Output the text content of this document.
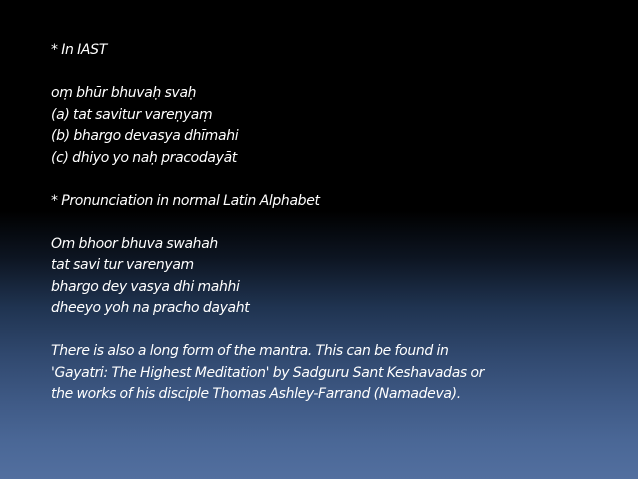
* In IAST
oṃ bhūr bhuvaḥ svaḥ
(a) tat savitur vareṇyaṃ
(b) bhargo devasya dhīmahi
(c) dhiyo yo naḥ pracodayāt
* Pronunciation in normal Latin Alphabet
Om bhoor bhuva swahah
tat savi tur varenyam
bhargo dey vasya dhi mahhi
dheeyo yoh na pracho dayaht
There is also a long form of the mantra. This can be found in
'Gayatri: The Highest Meditation' by Sadguru Sant Keshavadas or
the works of his disciple Thomas Ashley-Farrand (Namadeva).
